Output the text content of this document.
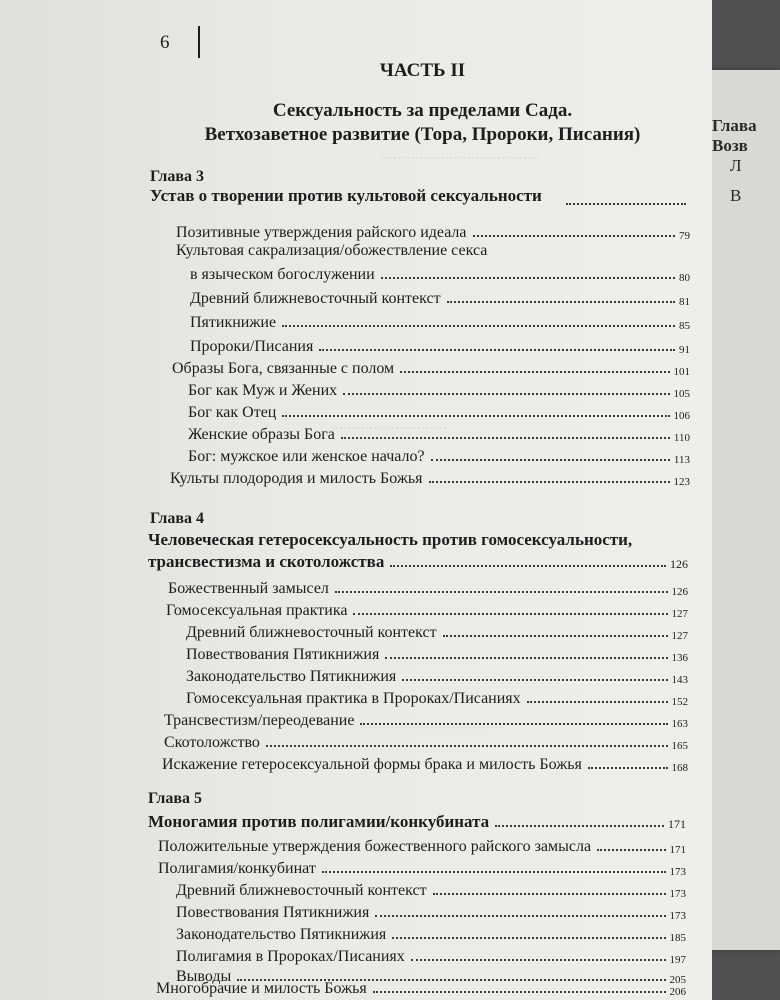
Глава
Возв
Л
В
·····································
···························
·································
6
ЧАСТЬ II
Сексуальность за пределами Сада.
Ветхозаветное развитие (Тора, Пророки, Писания)
Глава 3
Устав о творении против культовой сексуальности
Позитивные утверждения райского идеала	79
Культовая сакрализация/обожествление секса
в языческом богослужении	80
Древний ближневосточный контекст	81
Пятикнижие	85
Пророки/Писания	91
Образы Бога, связанные с полом	101
Бог как Муж и Жених	105
Бог как Отец	106
Женские образы Бога	110
Бог: мужское или женское начало?	113
Культы плодородия и милость Божья	123
Глава 4
Человеческая гетеросексуальность против гомосексуальности,
трансвестизма и скотоложства	126
Божественный замысел	126
Гомосексуальная практика	127
Древний ближневосточный контекст	127
Повествования Пятикнижия	136
Законодательство Пятикнижия	143
Гомосексуальная практика в Пророках/Писаниях	152
Трансвестизм/переодевание	163
Скотоложство	165
Искажение гетеросексуальной формы брака и милость Божья	168
Глава 5
Моногамия против полигамии/конкубината	171
Положительные утверждения божественного райского замысла	171
Полигамия/конкубинат	173
Древний ближневосточный контекст	173
Повествования Пятикнижия	173
Законодательство Пятикнижия	185
Полигамия в Пророках/Писаниях	197
Выводы	205
Многобрачие и милость Божья	206
